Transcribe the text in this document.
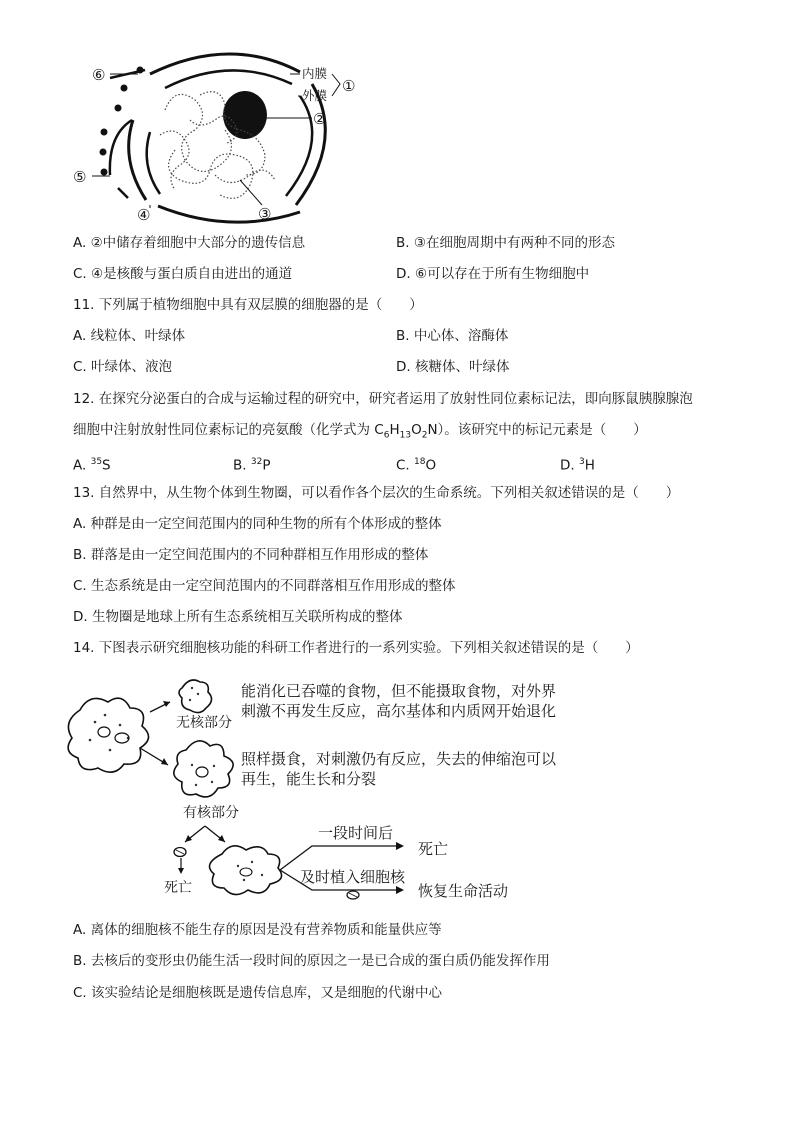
内膜
外膜
①
②
③
④
⑤
⑥
A. ②中储存着细胞中大部分的遗传信息	B. ③在细胞周期中有两种不同的形态
C. ④是核酸与蛋白质自由进出的通道	D. ⑥可以存在于所有生物细胞中
11. 下列属于植物细胞中具有双层膜的细胞器的是（　　）
A. 线粒体、叶绿体	B. 中心体、溶酶体
C. 叶绿体、液泡	D. 核糖体、叶绿体
12. 在探究分泌蛋白的合成与运输过程的研究中，研究者运用了放射性同位素标记法，即向豚鼠胰腺腺泡
细胞中注射放射性同位素标记的亮氨酸（化学式为 $C_6H_{13}O_2N$）。该研究中的标记元素是（　　）
A. $^{35}$S	B. $^{32}$P	C. $^{18}$O	D. $^3$H
13. 自然界中，从生物个体到生物圈，可以看作各个层次的生命系统。下列相关叙述错误的是（　　）
A. 种群是由一定空间范围内的同种生物的所有个体形成的整体
B. 群落是由一定空间范围内的不同种群相互作用形成的整体
C. 生态系统是由一定空间范围内的不同群落相互作用形成的整体
D. 生物圈是地球上所有生态系统相互关联所构成的整体
14. 下图表示研究细胞核功能的科研工作者进行的一系列实验。下列相关叙述错误的是（　　）
无核部分
能消化已吞噬的食物，但不能摄取食物，对外界
刺激不再发生反应，高尔基体和内质网开始退化
照样摄食，对刺激仍有反应，失去的伸缩泡可以
再生，能生长和分裂
有核部分
死亡
一段时间后
死亡
及时植入细胞核
恢复生命活动
A. 离体的细胞核不能生存的原因是没有营养物质和能量供应等
B. 去核后的变形虫仍能生活一段时间的原因之一是已合成的蛋白质仍能发挥作用
C. 该实验结论是细胞核既是遗传信息库，又是细胞的代谢中心
